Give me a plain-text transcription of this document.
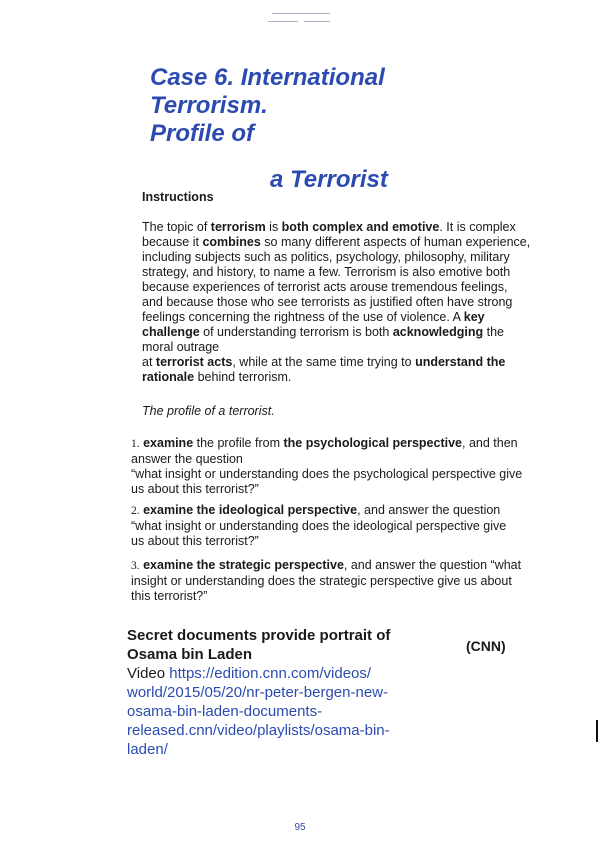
Case 6. International
Terrorism.
Profile of
a Terrorist
Instructions
The topic of terrorism is both complex and emotive. It is complex
because it combines so many different aspects of human experience,
including subjects such as politics, psychology, philosophy, military
strategy, and history, to name a few. Terrorism is also emotive both
because experiences of terrorist acts arouse tremendous feelings,
and because those who see terrorists as justified often have strong
feelings concerning the rightness of the use of violence. A key
challenge of understanding terrorism is both acknowledging the
moral outrage
at terrorist acts, while at the same time trying to understand the
rationale behind terrorism.
The profile of a terrorist.
1. examine the profile from the psychological perspective, and then
answer the question
“what insight or understanding does the psychological perspective give
us about this terrorist?”
2. examine the ideological perspective, and answer the question
“what insight or understanding does the ideological perspective give
us about this terrorist?”
3. examine the strategic perspective, and answer the question “what
insight or understanding does the strategic perspective give us about
this terrorist?”
Secret documents provide portrait of
Osama bin Laden	(CNN)
Video https://edition.cnn.com/videos/
world/2015/05/20/nr-peter-bergen-new-
osama-bin-laden-documents-
released.cnn/video/playlists/osama-bin-
laden/
95
